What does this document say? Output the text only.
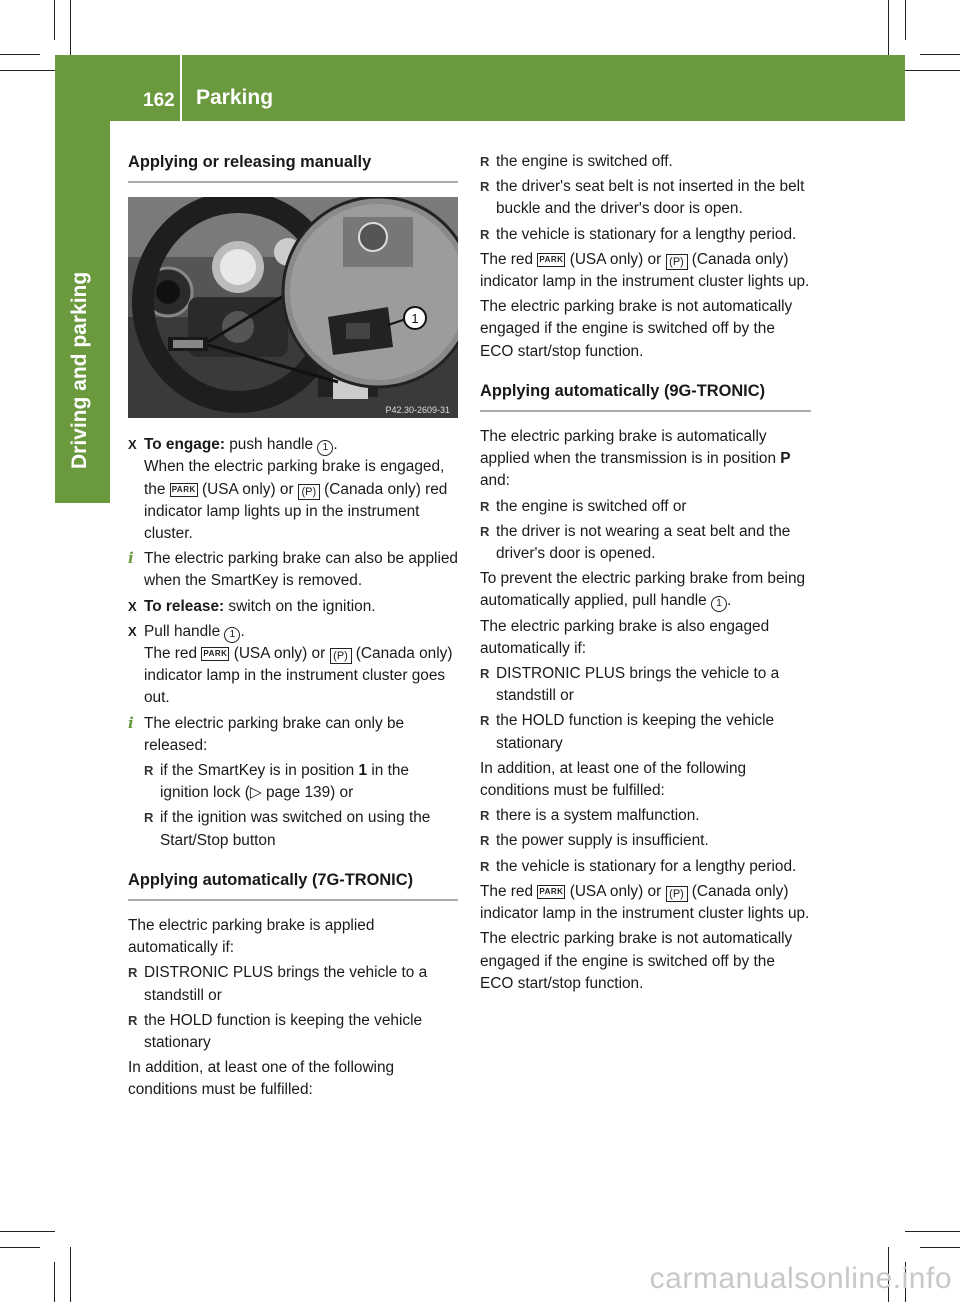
162 Parking
Driving and parking
Applying or releasing manually
1
P42.30-2609-31
X To engage: push handle 1 .
When the electric parking brake is engaged, the PARK (USA only) or (P) (Canada only) red indicator lamp lights up in the instrument cluster.
i The electric parking brake can also be applied when the SmartKey is removed.
X To release: switch on the ignition.
X Pull handle 1 .
The red PARK (USA only) or (P) (Canada only) indicator lamp in the instrument cluster goes out.
i The electric parking brake can only be released:
R if the SmartKey is in position 1 in the ignition lock (▷ page 139) or
R if the ignition was switched on using the Start/Stop button
Applying automatically (7G-TRONIC)
The electric parking brake is applied automatically if:
R DISTRONIC PLUS brings the vehicle to a standstill or
R the HOLD function is keeping the vehicle stationary
In addition, at least one of the following conditions must be fulfilled:
R the engine is switched off.
R the driver's seat belt is not inserted in the belt buckle and the driver's door is open.
R the vehicle is stationary for a lengthy period.
The red PARK (USA only) or (P) (Canada only) indicator lamp in the instrument cluster lights up.
The electric parking brake is not automatically engaged if the engine is switched off by the ECO start/stop function.
Applying automatically (9G-TRONIC)
The electric parking brake is automatically applied when the transmission is in position P and:
R the engine is switched off or
R the driver is not wearing a seat belt and the driver's door is opened.
To prevent the electric parking brake from being automatically applied, pull handle 1 .
The electric parking brake is also engaged automatically if:
R DISTRONIC PLUS brings the vehicle to a standstill or
R the HOLD function is keeping the vehicle stationary
In addition, at least one of the following conditions must be fulfilled:
R there is a system malfunction.
R the power supply is insufficient.
R the vehicle is stationary for a lengthy period.
The red PARK (USA only) or (P) (Canada only) indicator lamp in the instrument cluster lights up.
The electric parking brake is not automatically engaged if the engine is switched off by the ECO start/stop function.
carmanualsonline.info
